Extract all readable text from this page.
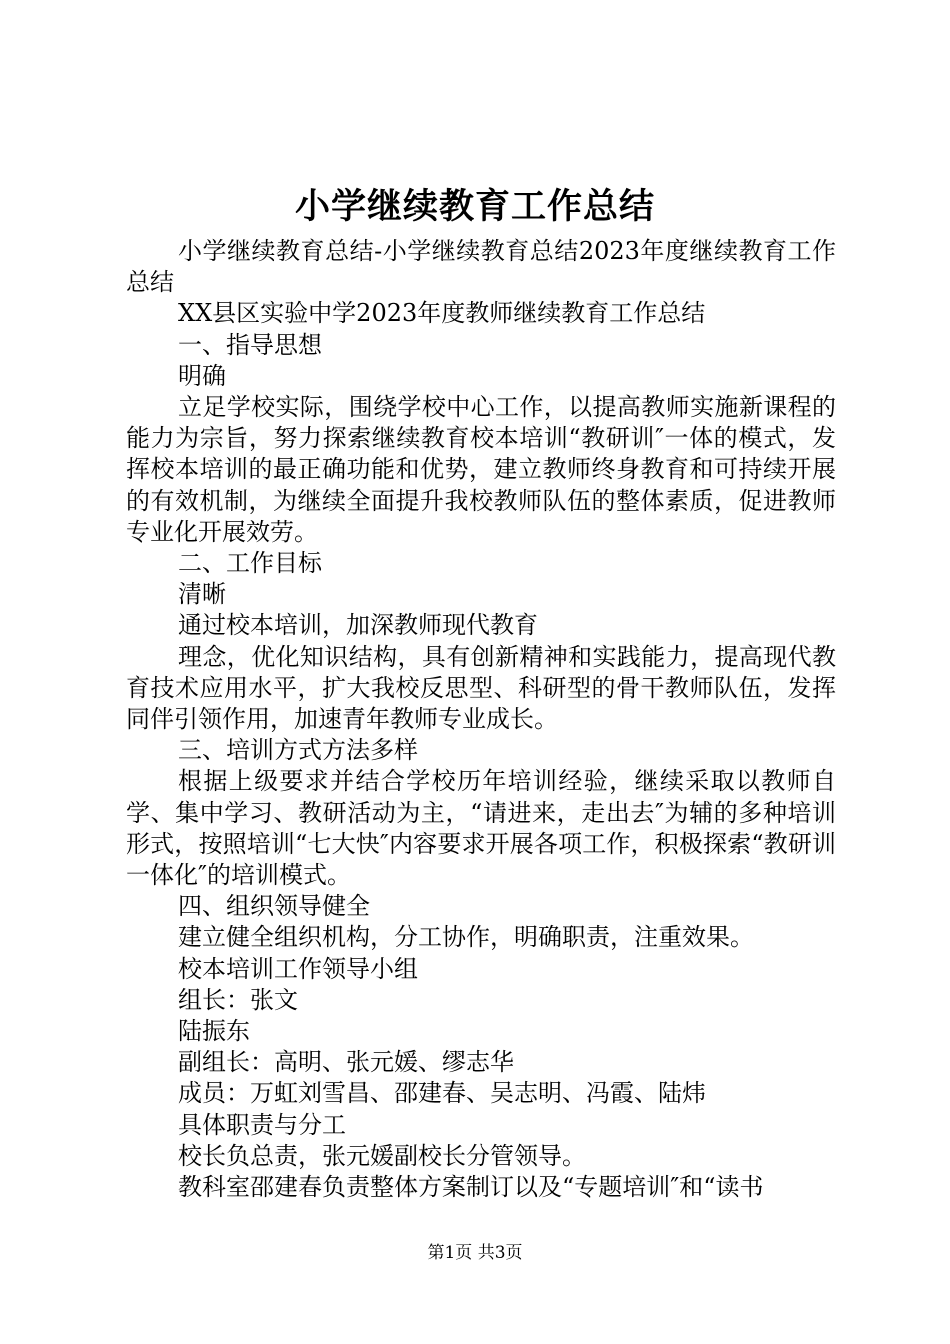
小学继续教育工作总结

小学继续教育总结-小学继续教育总结2023年度继续教育工作总结

XX县区实验中学2023年度教师继续教育工作总结

一、指导思想

明确

立足学校实际，围绕学校中心工作，以提高教师实施新课程的能力为宗旨，努力探索继续教育校本培训“教研训″一体的模式，发挥校本培训的最正确功能和优势，建立教师终身教育和可持续开展的有效机制，为继续全面提升我校教师队伍的整体素质，促进教师专业化开展效劳。

二、工作目标

清晰

通过校本培训，加深教师现代教育

理念，优化知识结构，具有创新精神和实践能力，提高现代教育技术应用水平，扩大我校反思型、科研型的骨干教师队伍，发挥同伴引领作用，加速青年教师专业成长。

三、培训方式方法多样

根据上级要求并结合学校历年培训经验，继续采取以教师自学、集中学习、教研活动为主，“请进来，走出去″为辅的多种培训形式，按照培训“七大快″内容要求开展各项工作，积极探索“教研训一体化″的培训模式。

四、组织领导健全

建立健全组织机构，分工协作，明确职责，注重效果。

校本培训工作领导小组

组长：张文

陆振东

副组长：高明、张元媛、缪志华

成员：万虹刘雪昌、邵建春、吴志明、冯霞、陆炜

具体职责与分工

校长负总责，张元媛副校长分管领导。

教科室邵建春负责整体方案制订以及“专题培训″和“读书

第1页 共3页
